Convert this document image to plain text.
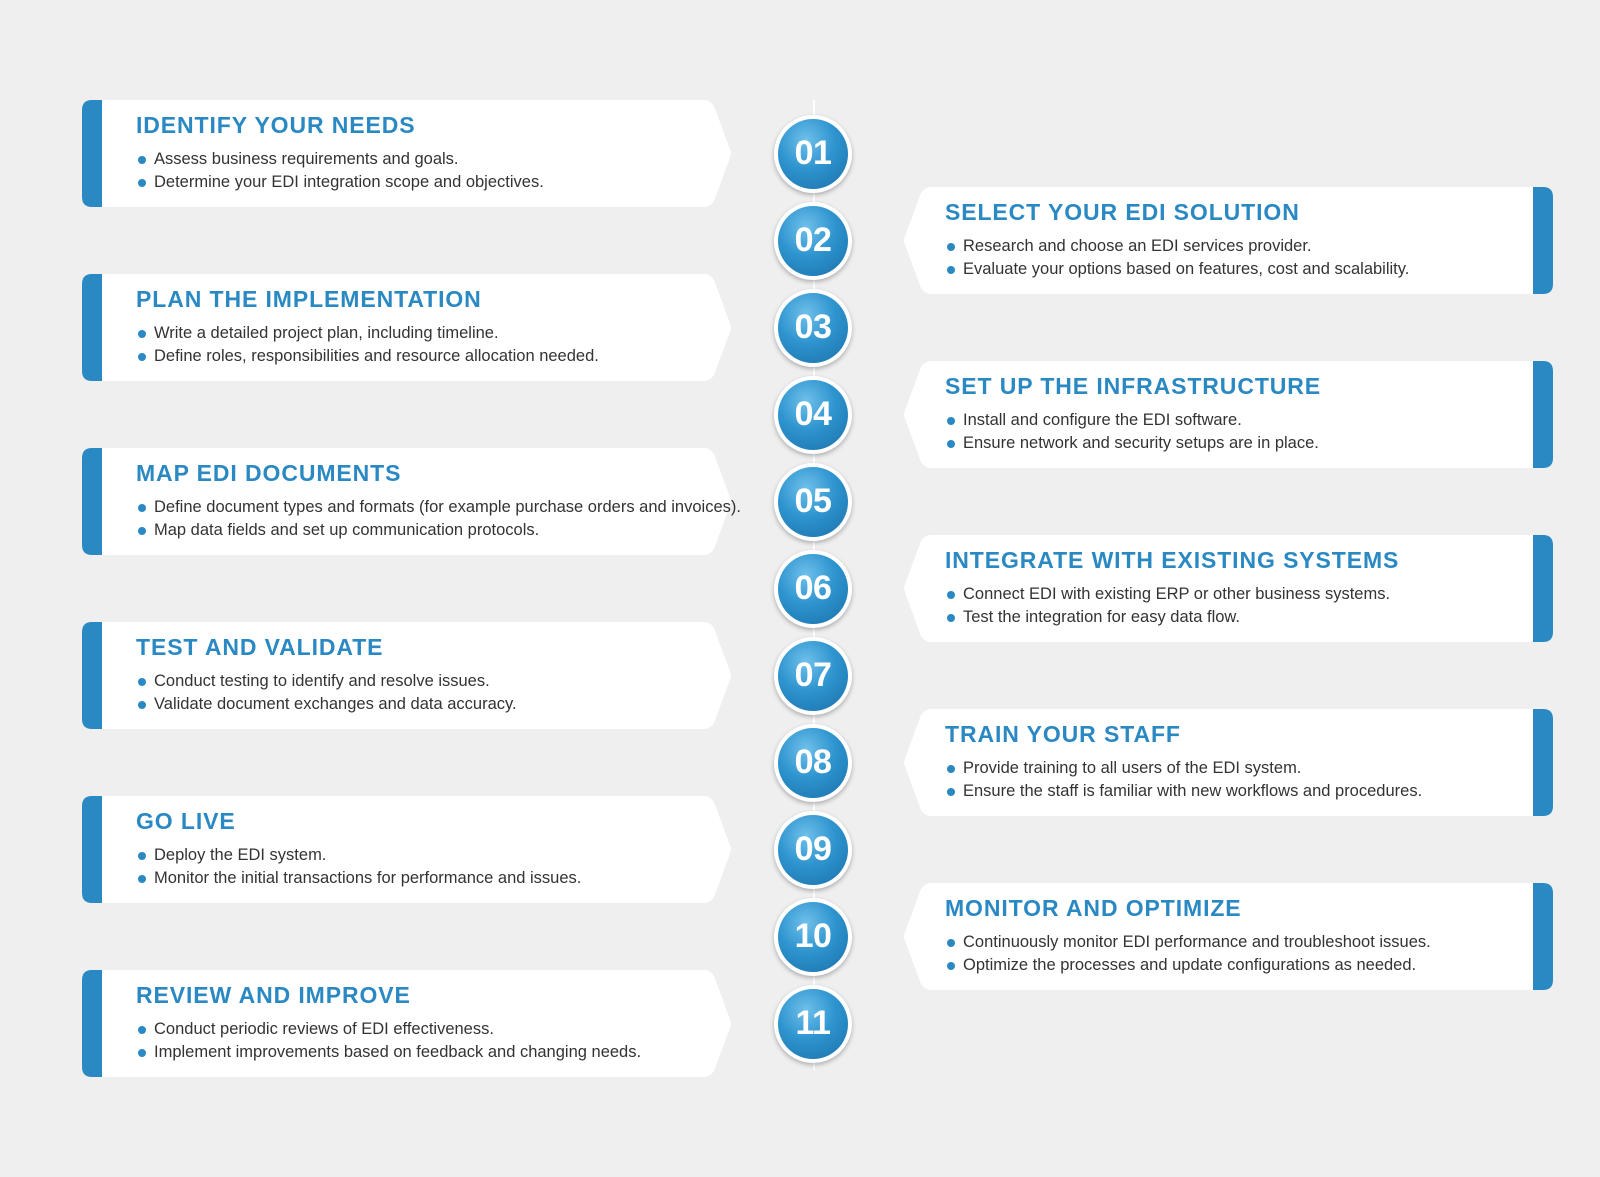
IDENTIFY YOUR NEEDS
Assess business requirements and goals.
Determine your EDI integration scope and objectives.
01
SELECT YOUR EDI SOLUTION
Research and choose an EDI services provider.
Evaluate your options based on features, cost and scalability.
02
PLAN THE IMPLEMENTATION
Write a detailed project plan, including timeline.
Define roles, responsibilities and resource allocation needed.
03
SET UP THE INFRASTRUCTURE
Install and configure the EDI software.
Ensure network and security setups are in place.
04
MAP EDI DOCUMENTS
Define document types and formats (for example purchase orders and invoices).
Map data fields and set up communication protocols.
05
INTEGRATE WITH EXISTING SYSTEMS
Connect EDI with existing ERP or other business systems.
Test the integration for easy data flow.
06
TEST AND VALIDATE
Conduct testing to identify and resolve issues.
Validate document exchanges and data accuracy.
07
TRAIN YOUR STAFF
Provide training to all users of the EDI system.
Ensure the staff is familiar with new workflows and procedures.
08
GO LIVE
Deploy the EDI system.
Monitor the initial transactions for performance and issues.
09
MONITOR AND OPTIMIZE
Continuously monitor EDI performance and troubleshoot issues.
Optimize the processes and update configurations as needed.
10
REVIEW AND IMPROVE
Conduct periodic reviews of EDI effectiveness.
Implement improvements based on feedback and changing needs.
11
